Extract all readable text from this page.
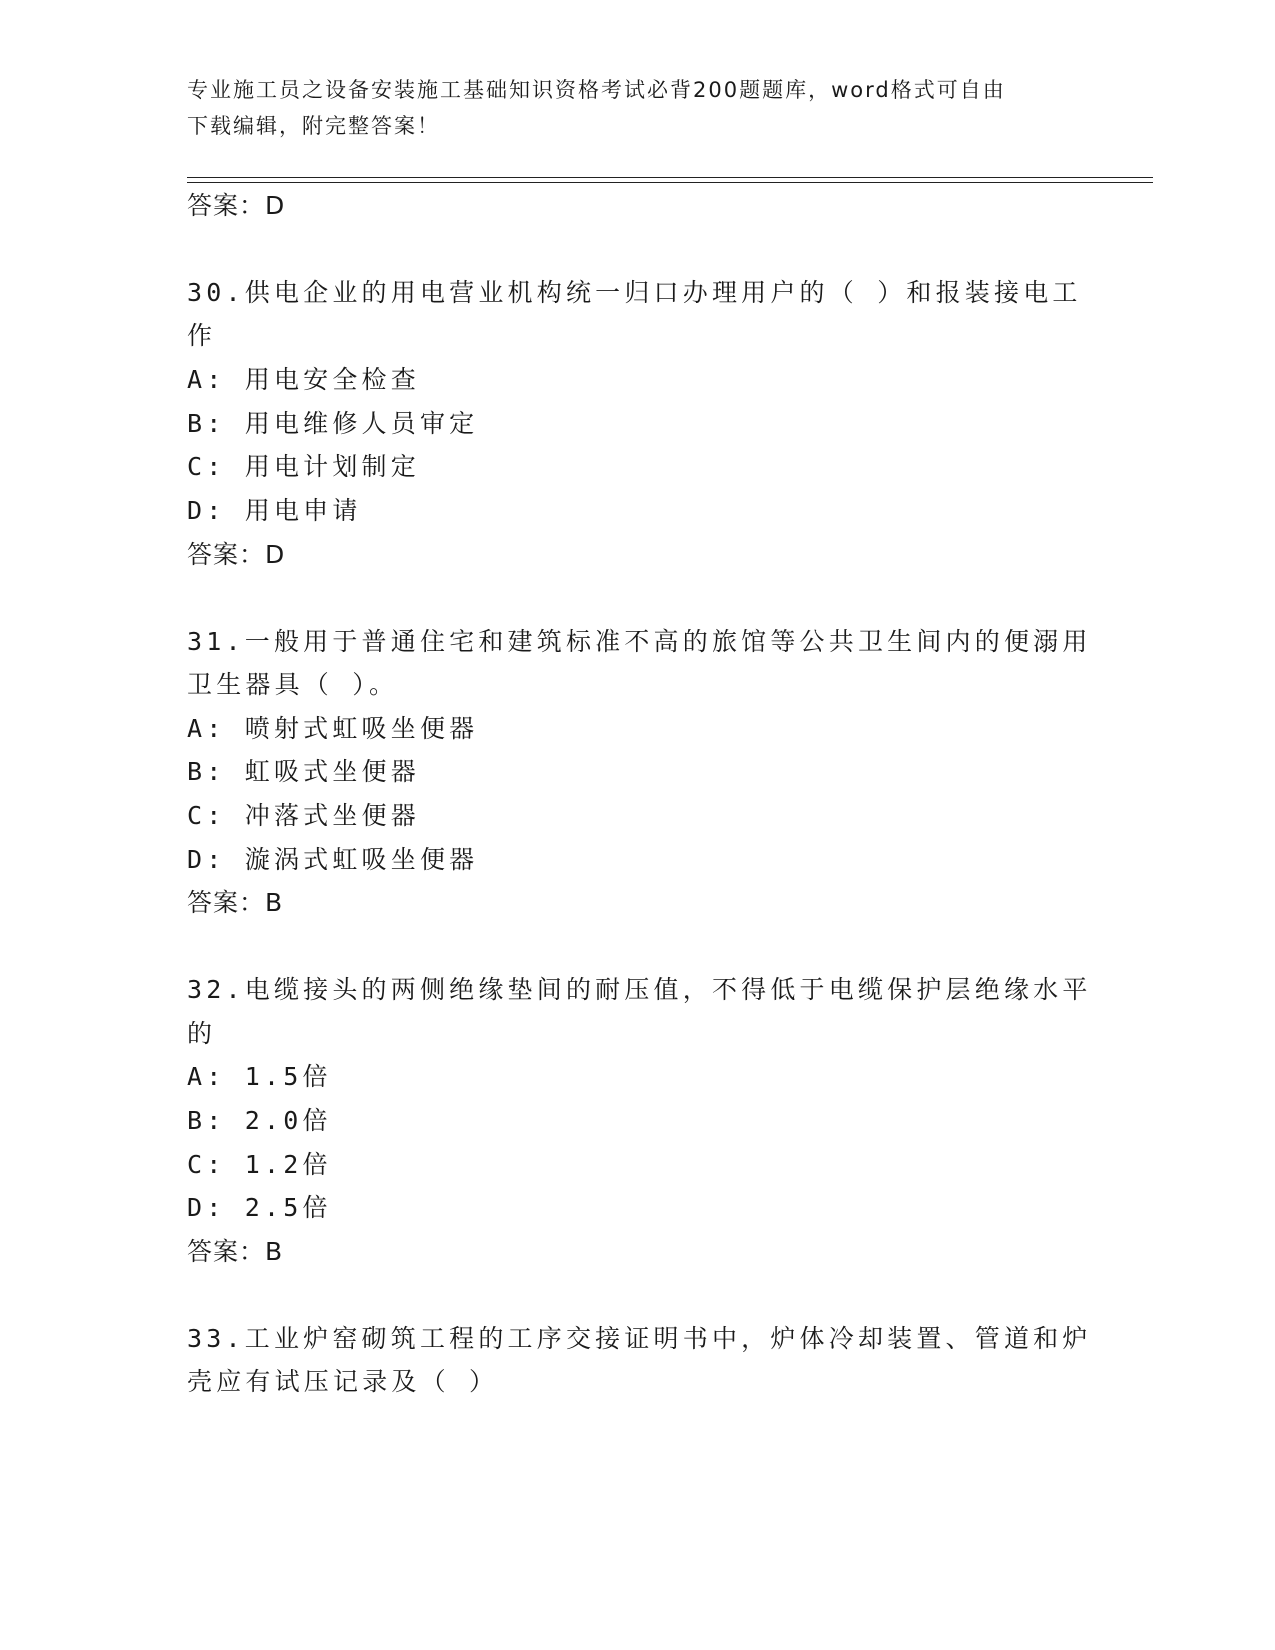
专业施工员之设备安装施工基础知识资格考试必背200题题库，word格式可自由
下载编辑，附完整答案！
答案：D
30.供电企业的用电营业机构统一归口办理用户的（ ）和报装接电工
作
A: 用电安全检查
B: 用电维修人员审定
C: 用电计划制定
D: 用电申请
答案：D
31.一般用于普通住宅和建筑标准不高的旅馆等公共卫生间内的便溺用
卫生器具（ ）。
A: 喷射式虹吸坐便器
B: 虹吸式坐便器
C: 冲落式坐便器
D: 漩涡式虹吸坐便器
答案：B
32.电缆接头的两侧绝缘垫间的耐压值，不得低于电缆保护层绝缘水平
的
A: 1.5倍
B: 2.0倍
C: 1.2倍
D: 2.5倍
答案：B
33.工业炉窑砌筑工程的工序交接证明书中，炉体冷却装置、管道和炉
壳应有试压记录及（ ）
